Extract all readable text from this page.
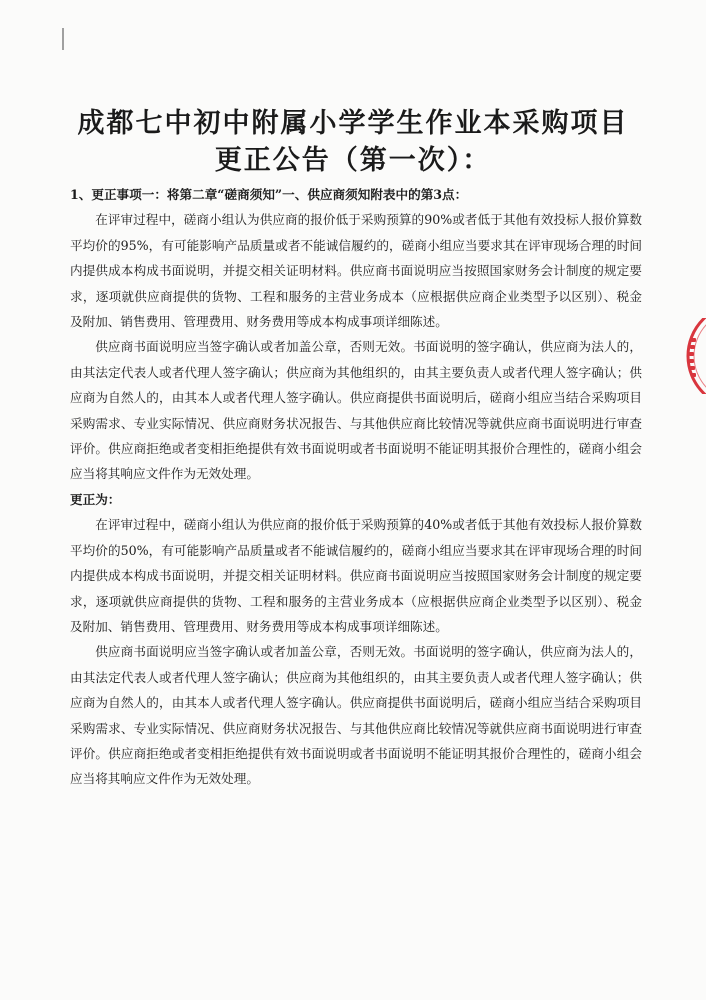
成都七中初中附属小学学生作业本采购项目
更正公告（第一次）：

1、更正事项一：将第二章“磋商须知”一、供应商须知附表中的第3点：

在评审过程中，磋商小组认为供应商的报价低于采购预算的90%或者低于其他有效投标人报价算数平均价的95%，有可能影响产品质量或者不能诚信履约的，磋商小组应当要求其在评审现场合理的时间内提供成本构成书面说明，并提交相关证明材料。供应商书面说明应当按照国家财务会计制度的规定要求，逐项就供应商提供的货物、工程和服务的主营业务成本（应根据供应商企业类型予以区别）、税金及附加、销售费用、管理费用、财务费用等成本构成事项详细陈述。

供应商书面说明应当签字确认或者加盖公章，否则无效。书面说明的签字确认，供应商为法人的，由其法定代表人或者代理人签字确认；供应商为其他组织的，由其主要负责人或者代理人签字确认；供应商为自然人的，由其本人或者代理人签字确认。供应商提供书面说明后，磋商小组应当结合采购项目采购需求、专业实际情况、供应商财务状况报告、与其他供应商比较情况等就供应商书面说明进行审查评价。供应商拒绝或者变相拒绝提供有效书面说明或者书面说明不能证明其报价合理性的，磋商小组会应当将其响应文件作为无效处理。

更正为：

在评审过程中，磋商小组认为供应商的报价低于采购预算的40%或者低于其他有效投标人报价算数平均价的50%，有可能影响产品质量或者不能诚信履约的，磋商小组应当要求其在评审现场合理的时间内提供成本构成书面说明，并提交相关证明材料。供应商书面说明应当按照国家财务会计制度的规定要求，逐项就供应商提供的货物、工程和服务的主营业务成本（应根据供应商企业类型予以区别）、税金及附加、销售费用、管理费用、财务费用等成本构成事项详细陈述。

供应商书面说明应当签字确认或者加盖公章，否则无效。书面说明的签字确认，供应商为法人的，由其法定代表人或者代理人签字确认；供应商为其他组织的，由其主要负责人或者代理人签字确认；供应商为自然人的，由其本人或者代理人签字确认。供应商提供书面说明后，磋商小组应当结合采购项目采购需求、专业实际情况、供应商财务状况报告、与其他供应商比较情况等就供应商书面说明进行审查评价。供应商拒绝或者变相拒绝提供有效书面说明或者书面说明不能证明其报价合理性的，磋商小组会应当将其响应文件作为无效处理。
